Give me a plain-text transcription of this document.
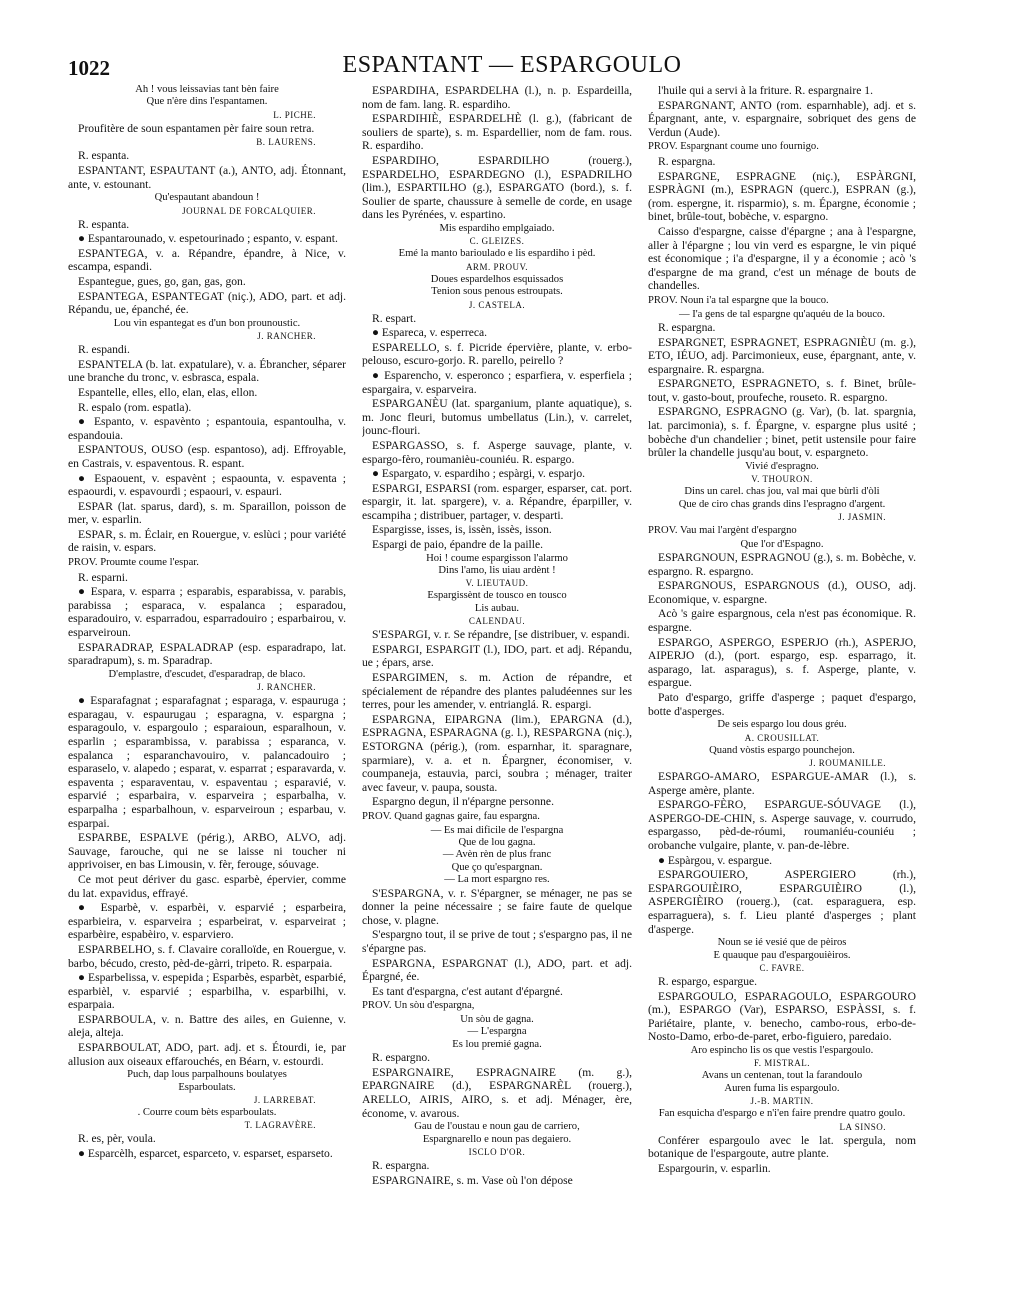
1022	ESPANTANT — ESPARGOULO

Ah ! vous leissavias tant bèn faire

Que n'ère dins l'espantamen.

L. PICHE.

Proufitère de soun espantamen pèr faire soun retra.

B. LAURENS.

R. espanta.

ESPANTANT, ESPAUTANT (a.), ANTO, adj. Étonnant, ante, v. estounant.

Qu'espautant abandoun !

JOURNAL DE FORCALQUIER.

R. espanta.

● Espantarounado, v. espetourinado ; espanto, v. espant.

ESPANTEGA, v. a. Répandre, épandre, à Nice, v. escampa, espandi.

Espantegue, gues, go, gan, gas, gon.

ESPANTEGA, ESPANTEGAT (niç.), ADO, part. et adj. Répandu, ue, épanché, ée.

Lou vin espantegat es d'un bon prounoustic.

J. RANCHER.

R. espandi.

ESPANTELA (b. lat. expatulare), v. a. Ébrancher, séparer une branche du tronc, v. esbrasca, espala.

Espantelle, elles, ello, elan, elas, ellon.

R. espalo (rom. espatla).

● Espanto, v. espavènto ; espantouia, espantoulha, v. espandouia.

ESPANTOUS, OUSO (esp. espantoso), adj. Effroyable, en Castrais, v. espaventous. R. espant.

● Espaouent, v. espavènt ; espaounta, v. espaventa ; espaourdi, v. espavourdi ; espaouri, v. espauri.

ESPAR (lat. sparus, dard), s. m. Sparaillon, poisson de mer, v. esparlin.

ESPAR, s. m. Éclair, en Rouergue, v. eslùci ; pour variété de raisin, v. espars.

PROV. Proumte coume l'espar.

R. esparni.

● Espara, v. esparra ; esparabis, esparabissa, v. parabis, parabissa ; esparaca, v. espalanca ; esparadou, esparadouiro, v. esparradou, esparradouiro ; esparbairou, v. esparveiroun.

ESPARADRAP, ESPALADRAP (esp. esparadrapo, lat. sparadrapum), s. m. Sparadrap.

D'emplastre, d'escudet, d'esparadrap, de blaco.

J. RANCHER.

● Esparafagnat ; esparafagnat ; esparaga, v. espauruga ; esparagau, v. espaurugau ; esparagna, v. espargna ; esparagoulo, v. espargoulo ; esparaioun, esparalhoun, v. esparlin ; esparambissa, v. parabissa ; esparanca, v. espalanca ; esparanchavouiro, v. palancadouiro ; esparaselo, v. alapedo ; esparat, v. esparrat ; esparavarda, v. espaventa ; esparaventau, v. espaventau ; esparavié, v. esparvié ; esparbaira, v. esparveira ; esparbalha, v. esparpalha ; esparbalhoun, v. esparveiroun ; esparbau, v. esparpai.

ESPARBE, ESPALVE (périg.), ARBO, ALVO, adj. Sauvage, farouche, qui ne se laisse ni toucher ni apprivoiser, en bas Limousin, v. fèr, ferouge, sóuvage.

Ce mot peut dériver du gasc. esparbè, épervier, comme du lat. expavidus, effrayé.

● Esparbè, v. esparbèi, v. esparvié ; esparbeira, esparbieira, v. esparveira ; esparbeirat, v. esparveirat ; esparbèire, espabèiro, v. esparviero.

ESPARBELHO, s. f. Clavaire coralloïde, en Rouergue, v. barbo, bécudo, cresto, pèd-de-gàrri, tripeto. R. esparpaia.

● Esparbelissa, v. espepida ; Esparbès, esparbèt, esparbié, esparbièl, v. esparvié ; esparbilha, v. esparbilhi, v. esparpaia.

ESPARBOULA, v. n. Battre des ailes, en Guienne, v. aleja, alteja.

ESPARBOULAT, ADO, part. adj. et s. Étourdi, ie, par allusion aux oiseaux effarouchés, en Béarn, v. estourdi.

Puch, dap lous parpalhouns boulatyes

Esparboulats.

J. LARREBAT.

. Courre coum bèts esparboulats.

T. LAGRAVÈRE.

R. es, pèr, voula.

● Esparcèlh, esparcet, esparceto, v. esparset, esparseto.

ESPARDIHA, ESPARDELHA (l.), n. p. Espardeilla, nom de fam. lang. R. espardiho.

ESPARDIHIÈ, ESPARDELHÈ (l. g.), (fabricant de souliers de sparte), s. m. Espardellier, nom de fam. rous. R. espardiho.

ESPARDIHO, ESPARDILHO (rouerg.), ESPARDELHO, ESPARDEGNO (l.), ESPADRILHO (lim.), ESPARTILHO (g.), ESPARGATO (bord.), s. f. Soulier de sparte, chaussure à semelle de corde, en usage dans les Pyrénées, v. espartino.

Mis espardiho emplgaiado.

C. GLEIZES.

Emé la manto barioulado e lis espardiho i pèd.

ARM. PROUV.

Doues espardelhos esquissados

Tenion sous penous estroupats.

J. CASTELA.

R. espart.

● Espareca, v. esperreca.

ESPARELLO, s. f. Picride épervière, plante, v. erbo-pelouso, escuro-gorjo. R. parello, peirello ?

● Esparencho, v. esperonco ; esparfiera, v. esperfiela ; espargaira, v. esparveira.

ESPARGANÈU (lat. sparganium, plante aquatique), s. m. Jonc fleuri, butomus umbellatus (Lin.), v. carrelet, jounc-flouri.

ESPARGASSO, s. f. Asperge sauvage, plante, v. espargo-fèro, roumanièu-couniéu. R. espargo.

● Espargato, v. espardiho ; espàrgi, v. esparjo.

ESPARGI, ESPARSI (rom. esparger, esparser, cat. port. espargir, it. lat. spargere), v. a. Répandre, éparpiller, v. escampiha ; distribuer, partager, v. desparti.

Espargisse, isses, is, issèn, issès, isson.

Espargi de paio, épandre de la paille.

Hoi ! coume espargisson l'alarmo

Dins l'amo, lis uiau ardènt !

V. LIEUTAUD.

Espargissènt de tousco en tousco

Lis aubau.

CALENDAU.

S'ESPARGI, v. r. Se répandre, [se distribuer, v. espandi.

ESPARGI, ESPARGIT (l.), IDO, part. et adj. Répandu, ue ; épars, arse.

ESPARGIMEN, s. m. Action de répandre, et spécialement de répandre des plantes paludéennes sur les terres, pour les amender, v. entrianglá. R. espargi.

ESPARGNA, EIPARGNA (lim.), EPARGNA (d.), ESPRAGNA, ESPARAGNA (g. l.), RESPARGNA (niç.), ESTORGNA (périg.), (rom. esparnhar, it. sparagnare, sparmiare), v. a. et n. Épargner, économiser, v. coumpaneja, estauvia, parci, soubra ; ménager, traiter avec faveur, v. paupa, sousta.

Espargno degun, il n'épargne personne.

PROV. Quand gagnas gaire, fau espargna.

— Es mai dificile de l'espargna

Que de lou gagna.

— Avèn rèn de plus franc

Que ço qu'espargnan.

— La mort espargno res.

S'ESPARGNA, v. r. S'épargner, se ménager, ne pas se donner la peine nécessaire ; se faire faute de quelque chose, v. plagne.

S'espargno tout, il se prive de tout ; s'espargno pas, il ne s'épargne pas.

ESPARGNA, ESPARGNAT (l.), ADO, part. et adj. Épargné, ée.

Es tant d'espargna, c'est autant d'épargné.

PROV. Un sòu d'espargna,

Un sòu de gagna.

— L'espargna

Es lou premié gagna.

R. espargno.

ESPARGNAIRE, ESPRAGNAIRE (m. g.), EPARGNAIRE (d.), ESPARGNARÈL (rouerg.), ARELLO, AIRIS, AIRO, s. et adj. Ménager, ère, économe, v. avarous.

Gau de l'oustau e noun gau de carriero,

Espargnarello e noun pas degaiero.

ISCLO D'OR.

R. espargna.

ESPARGNAIRE, s. m. Vase où l'on dépose

l'huile qui a servi à la friture. R. espargnaire 1.

ESPARGNANT, ANTO (rom. esparnhable), adj. et s. Épargnant, ante, v. espargnaire, sobriquet des gens de Verdun (Aude).

PROV. Espargnant coume uno fournigo.

R. espargna.

ESPARGNE, ESPRAGNE (niç.), ESPÀRGNI, ESPRÀGNI (m.), ESPRAGN (querc.), ESPRAN (g.), (rom. espergne, it. risparmio), s. m. Épargne, économie ; binet, brûle-tout, bobèche, v. espargno.

Caisso d'espargne, caisse d'épargne ; ana à l'espargne, aller à l'épargne ; lou vin verd es espargne, le vin piqué est économique ; i'a d'espargne, il y a économie ; acò 's d'espargne de ma grand, c'est un ménage de bouts de chandelles.

PROV. Noun i'a tal espargne que la bouco.

— I'a gens de tal espargne qu'aquéu de la bouco.

R. espargna.

ESPARGNET, ESPRAGNET, ESPRAGNIÈU (m. g.), ETO, IÉUO, adj. Parcimonieux, euse, épargnant, ante, v. espargnaire. R. espargna.

ESPARGNETO, ESPRAGNETO, s. f. Binet, brûle-tout, v. gasto-bout, proufeche, rouseto. R. espargno.

ESPARGNO, ESPRAGNO (g. Var), (b. lat. spargnia, lat. parcimonia), s. f. Épargne, v. espargne plus usité ; bobèche d'un chandelier ; binet, petit ustensile pour faire brûler la chandelle jusqu'au bout, v. espargneto.

Vivié d'espragno.

V. THOURON.

Dins un carel. chas jou, val mai que bùrli d'òli

Que de ciro chas grands dins l'espragno d'argent.

J. JASMIN.

PROV. Vau mai l'argènt d'espargno

Que l'or d'Espagno.

ESPARGNOUN, ESPRAGNOU (g.), s. m. Bobèche, v. espargno. R. espargno.

ESPARGNOUS, ESPARGNOUS (d.), OUSO, adj. Economique, v. espargne.

Acò 's gaire espargnous, cela n'est pas économique. R. espargne.

ESPARGO, ASPERGO, ESPERJO (rh.), ASPERJO, AIPERJO (d.), (port. espargo, esp. esparrago, it. asparago, lat. asparagus), s. f. Asperge, plante, v. espargue.

Pato d'espargo, griffe d'asperge ; paquet d'espargo, botte d'asperges.

De seis espargo lou dous gréu.

A. CROUSILLAT.

Quand vòstis espargo pounchejon.

J. ROUMANILLE.

ESPARGO-AMARO, ESPARGUE-AMAR (l.), s. Asperge amère, plante.

ESPARGO-FÈRO, ESPARGUE-SÓUVAGE (l.), ASPERGO-DE-CHIN, s. Asperge sauvage, v. courrudo, espargasso, pèd-de-róumi, roumaniéu-couniéu ; orobanche vulgaire, plante, v. pan-de-lèbre.

● Espàrgou, v. espargue.

ESPARGOUIERO, ASPERGIERO (rh.), ESPARGOUIÈIRO, ESPARGUIÈIRO (l.), ASPERGIÈIRO (rouerg.), (cat. esparaguera, esp. esparraguera), s. f. Lieu planté d'asperges ; plant d'asperge.

Noun se ié vesié que de pèiros

E quauque pau d'espargouièiros.

C. FAVRE.

R. espargo, espargue.

ESPARGOULO, ESPARAGOULO, ESPARGOURO (m.), ESPARGO (Var), ESPARSO, ESPÀSSI, s. f. Pariétaire, plante, v. benecho, cambo-rous, erbo-de-Nosto-Damo, erbo-de-paret, erbo-figuiero, paredaio.

Aro espincho lis os que vestis l'espargoulo.

F. MISTRAL.

Avans un centenan, tout la farandoulo

Auren fuma lis espargoulo.

J.-B. MARTIN.

Fan esquicha d'espargo e n'i'en faire prendre quatro goulo.

LA SINSO.

Conférer espargoulo avec le lat. spergula, nom botanique de l'espargoute, autre plante.

Espargourin, v. esparlin.
